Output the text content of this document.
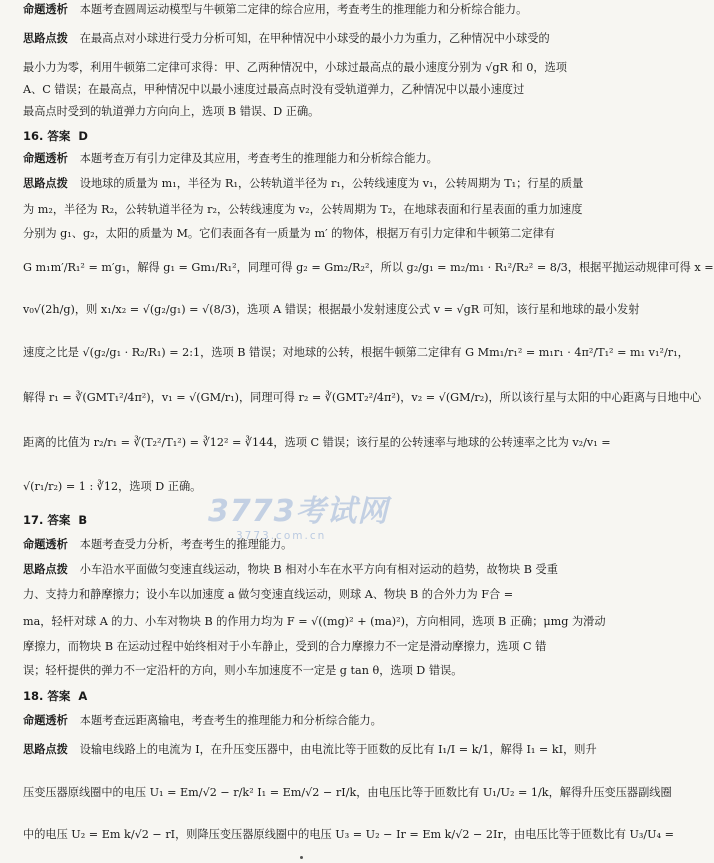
命题透析 本题考查圆周运动模型与牛顿第二定律的综合应用，考查考生的推理能力和分析综合能力。
思路点拨 在最高点对小球进行受力分析可知，在甲种情况中小球受的最小力为重力，乙种情况中小球受的
最小力为零，利用牛顿第二定律可求得：甲、乙两种情况中，小球过最高点的最小速度分别为 √gR 和 0，选项
A、C 错误；在最高点，甲种情况中以最小速度过最高点时没有受轨道弹力，乙种情况中以最小速度过
最高点时受到的轨道弹力方向向上，选项 B 错误、D 正确。
16. 答案 D
命题透析 本题考查万有引力定律及其应用，考查考生的推理能力和分析综合能力。
思路点拨 设地球的质量为 m₁，半径为 R₁，公转轨道半径为 r₁，公转线速度为 v₁，公转周期为 T₁；行星的质量
为 m₂，半径为 R₂，公转轨道半径为 r₂，公转线速度为 v₂，公转周期为 T₂，在地球表面和行星表面的重力加速度
分别为 g₁、g₂，太阳的质量为 M。它们表面各有一质量为 m′ 的物体，根据万有引力定律和牛顿第二定律有
G m₁m′/R₁² = m′g₁，解得 g₁ = Gm₁/R₁²，同理可得 g₂ = Gm₂/R₂²，所以 g₂/g₁ = m₂/m₁ · R₁²/R₂² = 8/3，根据平抛运动规律可得 x =
v₀√(2h/g)，则 x₁/x₂ = √(g₂/g₁) = √(8/3)，选项 A 错误；根据最小发射速度公式 v = √gR 可知，该行星和地球的最小发射
速度之比是 √(g₂/g₁ · R₂/R₁) = 2:1，选项 B 错误；对地球的公转，根据牛顿第二定律有 G Mm₁/r₁² = m₁r₁ · 4π²/T₁² = m₁ v₁²/r₁，
解得 r₁ = ∛(GMT₁²/4π²)，v₁ = √(GM/r₁)，同理可得 r₂ = ∛(GMT₂²/4π²)，v₂ = √(GM/r₂)，所以该行星与太阳的中心距离与日地中心
距离的比值为 r₂/r₁ = ∛(T₂²/T₁²) = ∛12² = ∛144，选项 C 错误；该行星的公转速率与地球的公转速率之比为 v₂/v₁ =
√(r₁/r₂) = 1 : ∛12，选项 D 正确。
17. 答案 B
命题透析 本题考查受力分析，考查考生的推理能力。
思路点拨 小车沿水平面做匀变速直线运动，物块 B 相对小车在水平方向有相对运动的趋势，故物块 B 受重
力、支持力和静摩擦力；设小车以加速度 a 做匀变速直线运动，则球 A、物块 B 的合外力为 F合 =
ma，轻杆对球 A 的力、小车对物块 B 的作用力均为 F = √((mg)² + (ma)²)，方向相同，选项 B 正确；μmg 为滑动
摩擦力，而物块 B 在运动过程中始终相对于小车静止，受到的合力摩擦力不一定是滑动摩擦力，选项 C 错
误；轻杆提供的弹力不一定沿杆的方向，则小车加速度不一定是 g tan θ，选项 D 错误。
18. 答案 A
命题透析 本题考查远距离输电，考查考生的推理能力和分析综合能力。
思路点拨 设输电线路上的电流为 I，在升压变压器中，由电流比等于匝数的反比有 I₁/I = k/1，解得 I₁ = kI，则升
压变压器原线圈中的电压 U₁ = Em/√2 − r/k² I₁ = Em/√2 − rI/k，由电压比等于匝数比有 U₁/U₂ = 1/k，解得升压变压器副线圈
中的电压 U₂ = Em k/√2 − rI，则降压变压器原线圈中的电压 U₃ = U₂ − Ir = Em k/√2 − 2Ir，由电压比等于匝数比有 U₃/U₄ =
3773考试网
3773.com.cn
